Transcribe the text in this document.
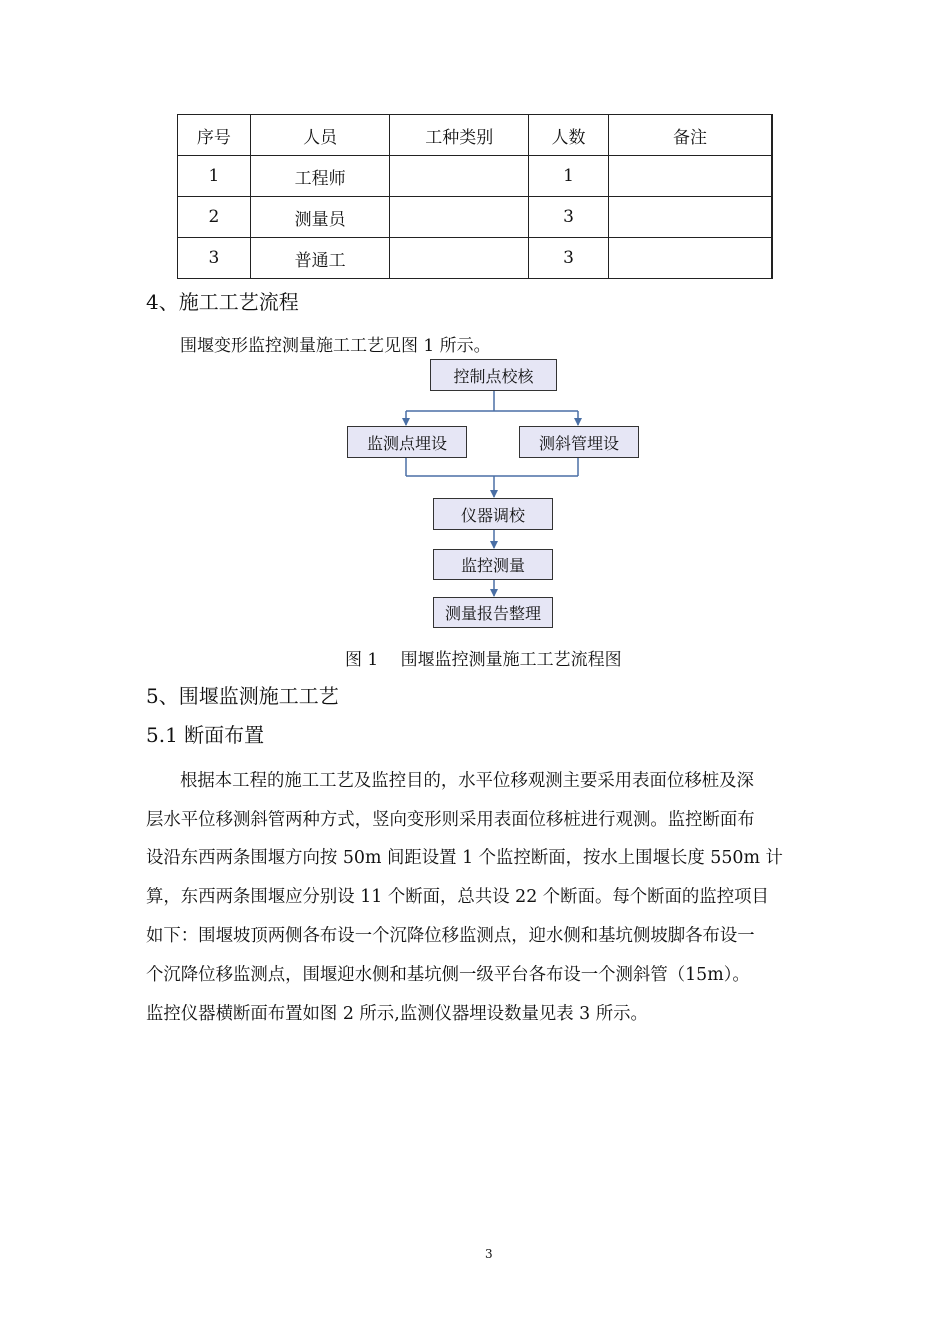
序号	人员	工种类别	人数	备注
1	工程师		1	
2	测量员		3	
3	普通工		3	
4、施工工艺流程
围堰变形监控测量施工工艺见图 1 所示。
控制点校核
监测点埋设	测斜管埋设
仪器调校
监控测量
测量报告整理
图 1　 围堰监控测量施工工艺流程图
5、围堰监测施工工艺
5.1 断面布置
根据本工程的施工工艺及监控目的，水平位移观测主要采用表面位移桩及深
层水平位移测斜管两种方式，竖向变形则采用表面位移桩进行观测。监控断面布
设沿东西两条围堰方向按 50m 间距设置 1 个监控断面，按水上围堰长度 550m 计
算，东西两条围堰应分别设 11 个断面，总共设 22 个断面。每个断面的监控项目
如下：围堰坡顶两侧各布设一个沉降位移监测点，迎水侧和基坑侧坡脚各布设一
个沉降位移监测点，围堰迎水侧和基坑侧一级平台各布设一个测斜管（15m）。
监控仪器横断面布置如图 2 所示,监测仪器埋设数量见表 3 所示。
3
